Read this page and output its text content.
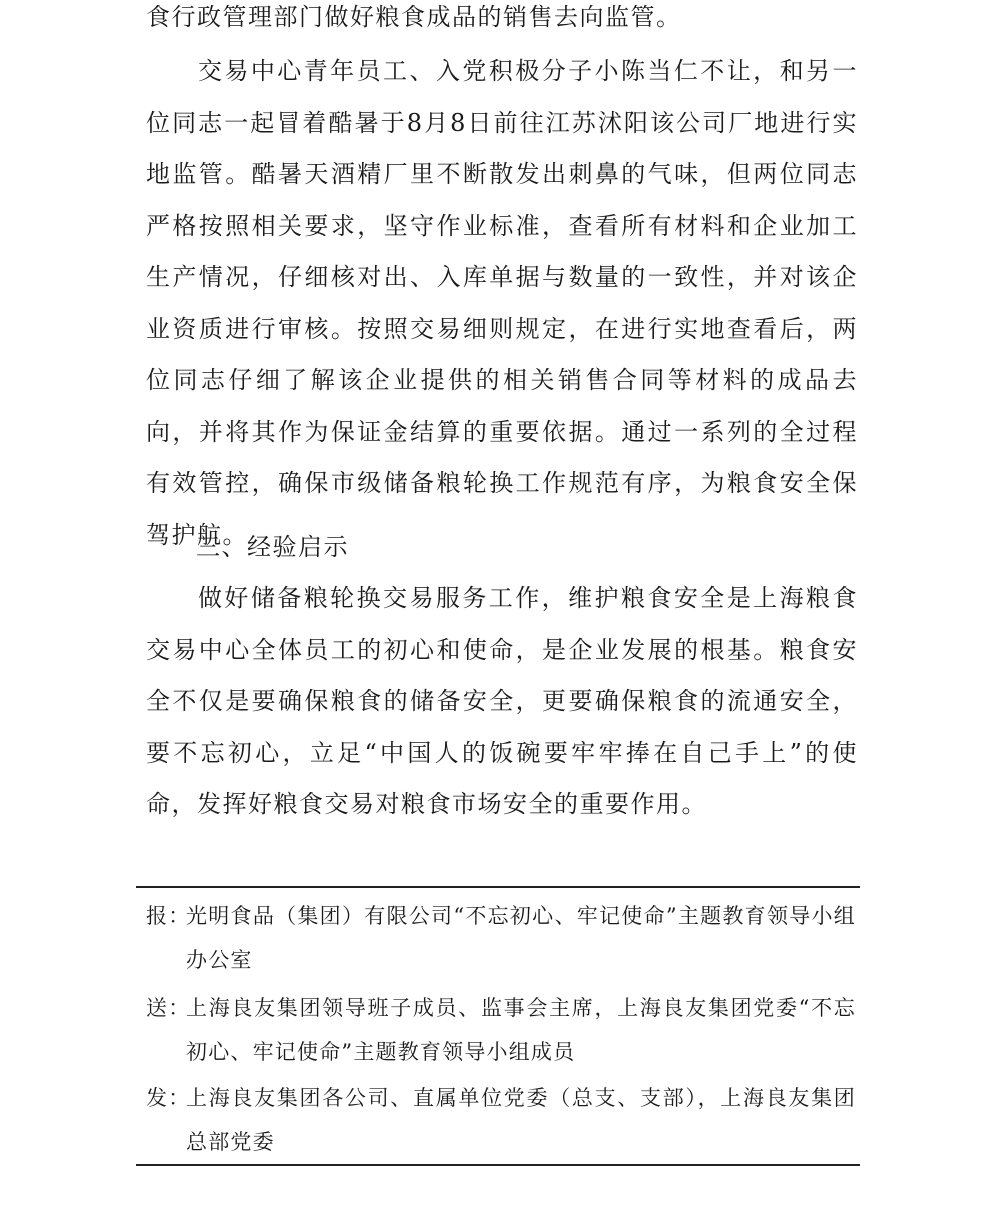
食行政管理部门做好粮食成品的销售去向监管。

交易中心青年员工、入党积极分子小陈当仁不让，和另一位同志一起冒着酷暑于8月8日前往江苏沭阳该公司厂地进行实地监管。酷暑天酒精厂里不断散发出刺鼻的气味，但两位同志严格按照相关要求，坚守作业标准，查看所有材料和企业加工生产情况，仔细核对出、入库单据与数量的一致性，并对该企业资质进行审核。按照交易细则规定，在进行实地查看后，两位同志仔细了解该企业提供的相关销售合同等材料的成品去向，并将其作为保证金结算的重要依据。通过一系列的全过程有效管控，确保市级储备粮轮换工作规范有序，为粮食安全保驾护航。

三、经验启示

做好储备粮轮换交易服务工作，维护粮食安全是上海粮食交易中心全体员工的初心和使命，是企业发展的根基。粮食安全不仅是要确保粮食的储备安全，更要确保粮食的流通安全，要不忘初心，立足“中国人的饭碗要牢牢捧在自己手上”的使命，发挥好粮食交易对粮食市场安全的重要作用。

报：
光明食品（集团）有限公司“不忘初心、牢记使命”主题教育领导小组办公室
送：
上海良友集团领导班子成员、监事会主席，上海良友集团党委“不忘初心、牢记使命”主题教育领导小组成员
发：
上海良友集团各公司、直属单位党委（总支、支部），上海良友集团总部党委
